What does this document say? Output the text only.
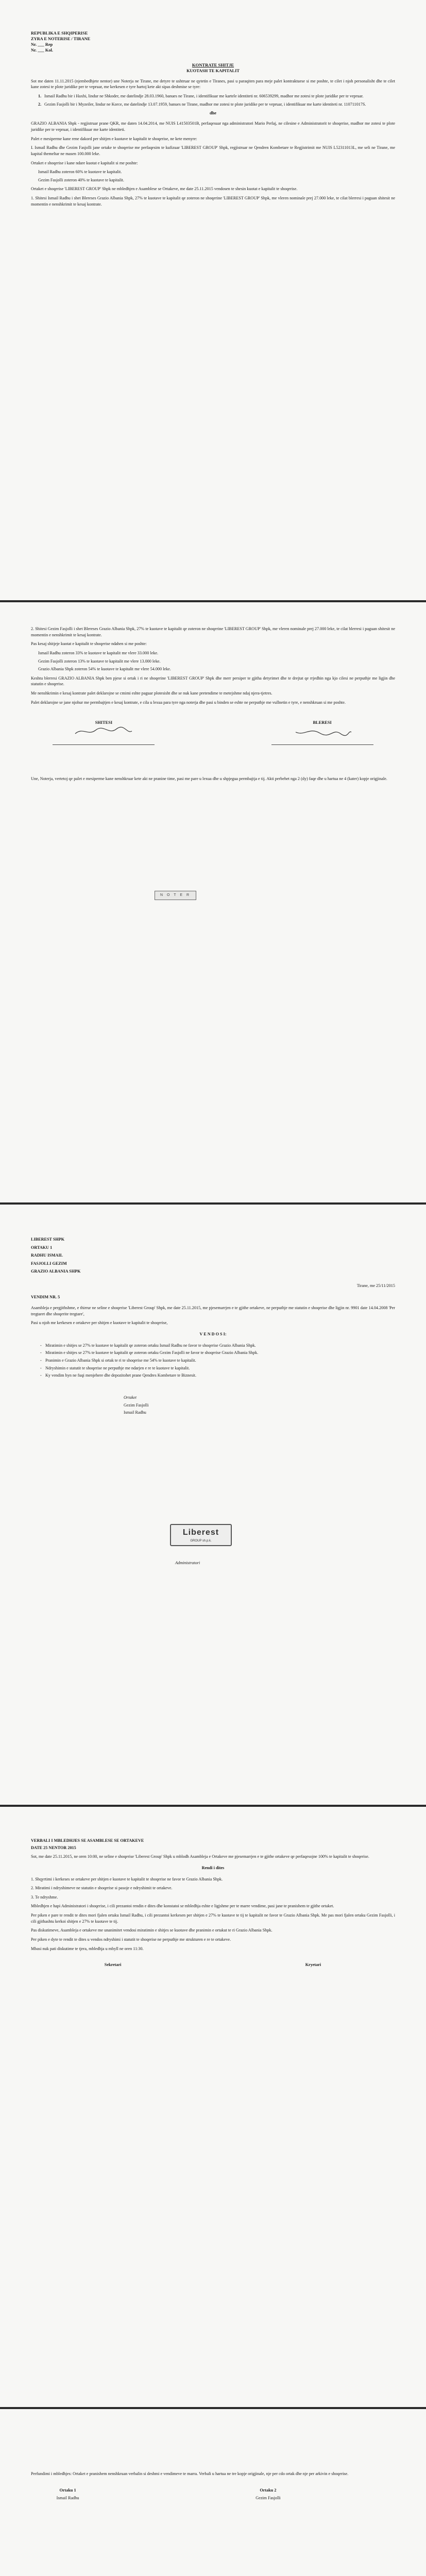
REPUBLIKA E SHQIPERISE
ZYRA E NOTERISE / TIRANE
Nr. ___ Rep
Nr. ___ Kol.
KONTRATE SHITJE
KUOTASH TE KAPITALIT
Sot me daten 11.11.2015 (njembedhjete nentor) une Noterja ne Tirane, me detyre te ushtruar ne qytetin e Tiranes, pasi u paraqiten para meje palet kontraktuese si me poshte, te cilet i njoh personalisht dhe te cilet kane zotesi te plote juridike per te vepruar, me kerkesen e tyre hartoj kete akt sipas deshmise se tyre:
1. Ismail Radhu bir i Haxhi, lindur ne Shkoder, me datelindje 28.03.1960, banues ne Tirane, i identifikuar me kartele identiteti nr. 606539299, madhor me zotesi te plote juridike per te vepruar.
2. Gezim Fasjolli bir i Myzeiler, lindur ne Korce, me datelindje 13.07.1959, banues ne Tirane, madhor me zotesi te plote juridike per te vepruar, i identifikuar me karte identiteti nr. 110711017S.
dhe
GRAZIO ALBANIA Shpk - regjistruar prane QKR, me daten 14.04.2014, me NUIS L41503501B, perfaqesuar nga administratori Mario Perlaj, ne cilesine e Administratorit te shoqerise, madhor me zotesi te plote juridike per te vepruar, i identifikuar me karte identiteti.
Palet e mesiperme kane rene dakord per shitjen e kuotave te kapitalit te shoqerise, ne kete menyre:
I. Ismail Radhu dhe Gezim Fasjolli jane ortake te shoqerise me perfaqesim te kufizuar 'LIBEREST GROUP' Shpk, regjistruar ne Qendren Kombetare te Regjistrimit me NUIS L52311013L, me seli ne Tirane, me kapital themeltar ne masen 100.000 leke.
Ortaket e shoqerise i kane ndare kuotat e kapitalit si me poshte:
Ismail Radhu zoteron 60% te kuotave te kapitalit.
Gezim Fasjolli zoteron 40% te kuotave te kapitalit.
Ortaket e shoqerise 'LIBEREST GROUP' Shpk ne mbledhjen e Asamblese se Ortakeve, me date 25.11.2015 vendosen te shesin kuotat e kapitalit te shoqerise.
1. Shitesi Ismail Radhu i shet Blereses Grazio Albania Shpk, 27% te kuotave te kapitalit qe zoteron ne shoqerine 'LIBEREST GROUP' Shpk, me vleren nominale prej 27.000 leke, te cilat blerresi i paguan shitesit ne momentin e nenshkrimit te kesaj kontrate.
2. Shitesi Gezim Fasjolli i shet Blereses Grazio Albania Shpk, 27% te kuotave te kapitalit qe zoteron ne shoqerine 'LIBEREST GROUP' Shpk, me vleren nominale prej 27.000 leke, te cilat blerresi i paguan shitesit ne momentin e nenshkrimit te kesaj kontrate.
Pas kesaj shitjeje kuotat e kapitalit te shoqerise ndahen si me poshte:
Ismail Radhu zoteron 33% te kuotave te kapitalit me vlere 33.000 leke.
Gezim Fasjolli zoteron 13% te kuotave te kapitalit me vlere 13.000 leke.
Grazio Albania Shpk zoteron 54% te kuotave te kapitalit me vlere 54.000 leke.
Keshtu blerresi GRAZIO ALBANIA Shpk ben pjese si ortak i ri ne shoqerine 'LIBEREST GROUP' Shpk dhe merr persiper te gjitha detyrimet dhe te drejtat qe rrjedhin nga kjo cilesi ne perputhje me ligjin dhe statutin e shoqerise.
Me nenshkrimin e kesaj kontrate palet deklarojne se cmimi eshte paguar plotesisht dhe se nuk kane pretendime te metejshme ndaj njera-tjetres.
Palet deklarojne se jane njohur me permbajtjen e kesaj kontrate, e cila u lexua para tyre nga noterja dhe pasi u binden se eshte ne perputhje me vullnetin e tyre, e nenshkruan si me poshte.
SHITESI	BLERESI
N O T E R
Une, Noterja, vertetoj qe palet e mesiperme kane nenshkruar kete akt ne pranine time, pasi me pare u lexua dhe u shpjegua permbajtja e tij. Akti perbehet nga 2 (dy) faqe dhe u hartua ne 4 (kater) kopje origjinale.
LIBEREST SHPK
ORTAKU 1
RADHU ISMAIL
FASJOLLI GEZIM
GRAZIO ALBANIA SHPK
Tirane, me 25/11/2015
VENDIM NR. 5
Asambleja e pergjithshme, e thirrur ne seline e shoqerise 'Liberest Group' Shpk, me date 25.11.2015, me pjesemarrjen e te gjithe ortakeve, ne perputhje me statutin e shoqerise dhe ligjin nr. 9901 date 14.04.2008 'Per tregtaret dhe shoqerite tregtare',
Pasi u njoh me kerkesen e ortakeve per shitjen e kuotave te kapitalit te shoqerise,
V E N D O S I:
- Miratimin e shitjes se 27% te kuotave te kapitalit qe zoteron ortaku Ismail Radhu ne favor te shoqerise Grazio Albania Shpk.
- Miratimin e shitjes se 27% te kuotave te kapitalit qe zoteron ortaku Gezim Fasjolli ne favor te shoqerise Grazio Albania Shpk.
- Pranimin e Grazio Albania Shpk si ortak te ri te shoqerise me 54% te kuotave te kapitalit.
- Ndryshimin e statutit te shoqerise ne perputhje me ndarjen e re te kuotave te kapitalit.
- Ky vendim hyn ne fuqi menjehere dhe depozitohet prane Qendres Kombetare te Biznesit.
Ortaket
Gezim Fasjolli
Ismail Radhu
Liberest
GROUP sh.p.k.
Administratori
VERBALI I MBLEDHJES SE ASAMBLESE SE ORTAKEVE
DATE 25 NENTOR 2015
Sot, me date 25.11.2015, ne oren 10:00, ne seline e shoqerise 'Liberest Group' Shpk u mblodh Asambleja e Ortakeve me pjesemarrjen e te gjithe ortakeve qe perfaqesojne 100% te kapitalit te shoqerise.
Rendi i dites
1. Shqyrtimi i kerkeses se ortakeve per shitjen e kuotave te kapitalit te shoqerise ne favor te Grazio Albania Shpk.
2. Miratimi i ndryshimeve ne statutin e shoqerise si pasoje e ndryshimit te ortakeve.
3. Te ndryshme.
Mbledhjen e hapi Administratori i shoqerise, i cili prezantoi rendin e dites dhe konstatoi se mbledhja eshte e ligjshme per te marre vendime, pasi jane te pranishem te gjithe ortaket.
Per piken e pare te rendit te dites mori fjalen ortaku Ismail Radhu, i cili prezantoi kerkesen per shitjen e 27% te kuotave te tij te kapitalit ne favor te Grazio Albania Shpk. Me pas mori fjalen ortaku Gezim Fasjolli, i cili gjithashtu kerkoi shitjen e 27% te kuotave te tij.
Pas diskutimeve, Asambleja e ortakeve me unanimitet vendosi miratimin e shitjes se kuotave dhe pranimin e ortakut te ri Grazio Albania Shpk.
Per piken e dyte te rendit te dites u vendos ndryshimi i statutit te shoqerise ne perputhje me strukturen e re te ortakeve.
Mbasi nuk pati diskutime te tjera, mbledhja u mbyll ne oren 11:30.
Sekretari	Kryetari
Perfundimi i mbledhjes: Ortaket e pranishem nenshkruan verbalin si deshmi e vendimeve te marra. Verbali u hartua ne tre kopje origjinale, nje per cdo ortak dhe nje per arkivin e shoqerise.
Ortaku 1
Ismail Radhu
Ortaku 2
Gezim Fasjolli
